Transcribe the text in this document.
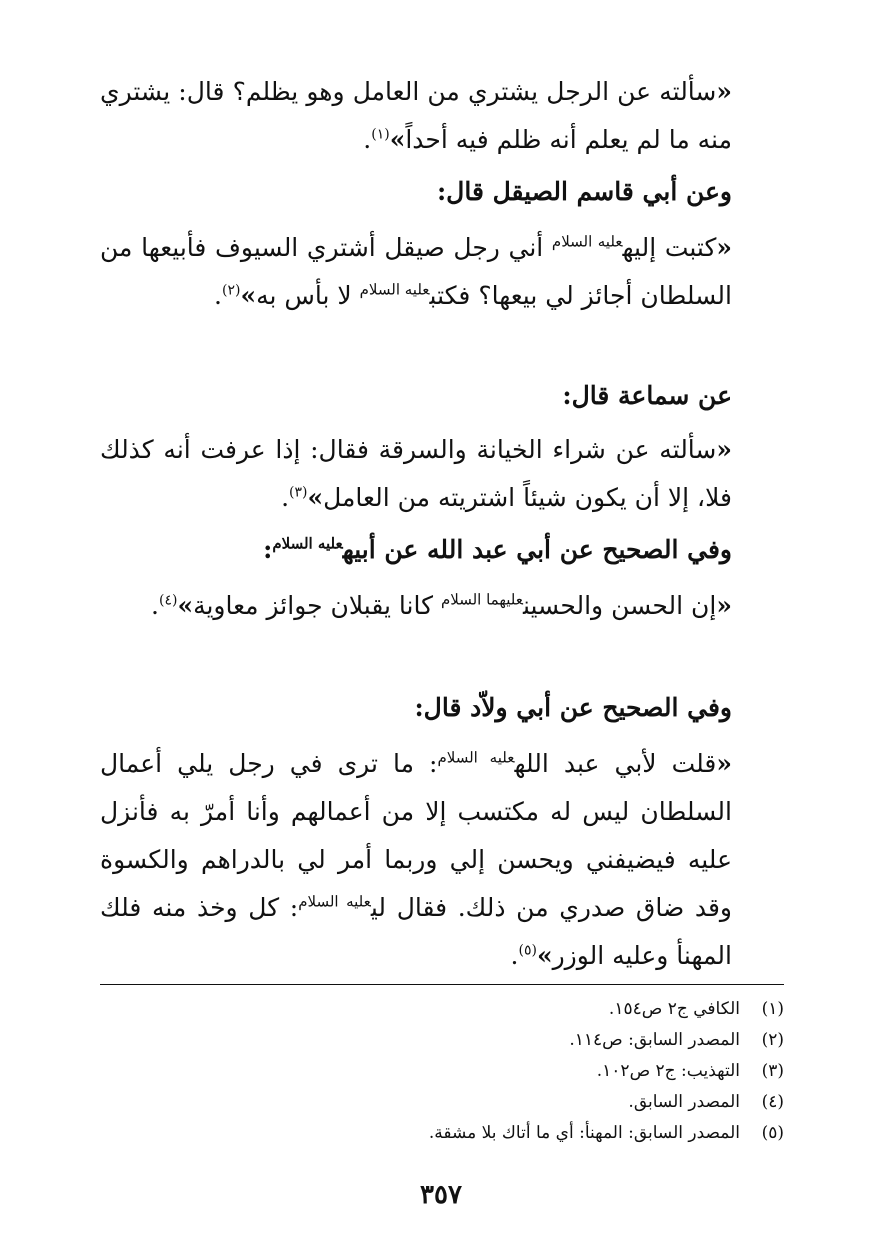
«سألته عن الرجل يشتري من العامل وهو يظلم؟ قال: يشتري منه ما لم يعلم أنه ظلم فيه أحداً»$^{(١)}$.

وعن أبي قاسم الصيقل قال:

«كتبت إليه$^{عليه السلام}$ أني رجل صيقل أشتري السيوف فأبيعها من السلطان أجائز لي بيعها؟ فكتب$^{عليه السلام}$ لا بأس به»$^{(٢)}$.

عن سماعة قال:

«سألته عن شراء الخيانة والسرقة فقال: إذا عرفت أنه كذلك فلا، إلا أن يكون شيئاً اشتريته من العامل»$^{(٣)}$.

وفي الصحيح عن أبي عبد الله عن أبيه$^{عليه السلام}$:

«إن الحسن والحسين$^{عليهما السلام}$ كانا يقبلان جوائز معاوية»$^{(٤)}$.

وفي الصحيح عن أبي ولاّد قال:

«قلت لأبي عبد الله$^{عليه السلام}$: ما ترى في رجل يلي أعمال السلطان ليس له مكتسب إلا من أعمالهم وأنا أمرّ به فأنزل عليه فيضيفني ويحسن إلي وربما أمر لي بالدراهم والكسوة وقد ضاق صدري من ذلك. فقال لي$^{عليه السلام}$: كل وخذ منه فلك المهنأ وعليه الوزر»$^{(٥)}$.

(١)
الكافي ج٢ ص١٥٤.
(٢)
المصدر السابق: ص١١٤.
(٣)
التهذيب: ج٢ ص١٠٢.
(٤)
المصدر السابق.
(٥)
المصدر السابق: المهنأ: أي ما أتاك بلا مشقة.
٣٥٧
